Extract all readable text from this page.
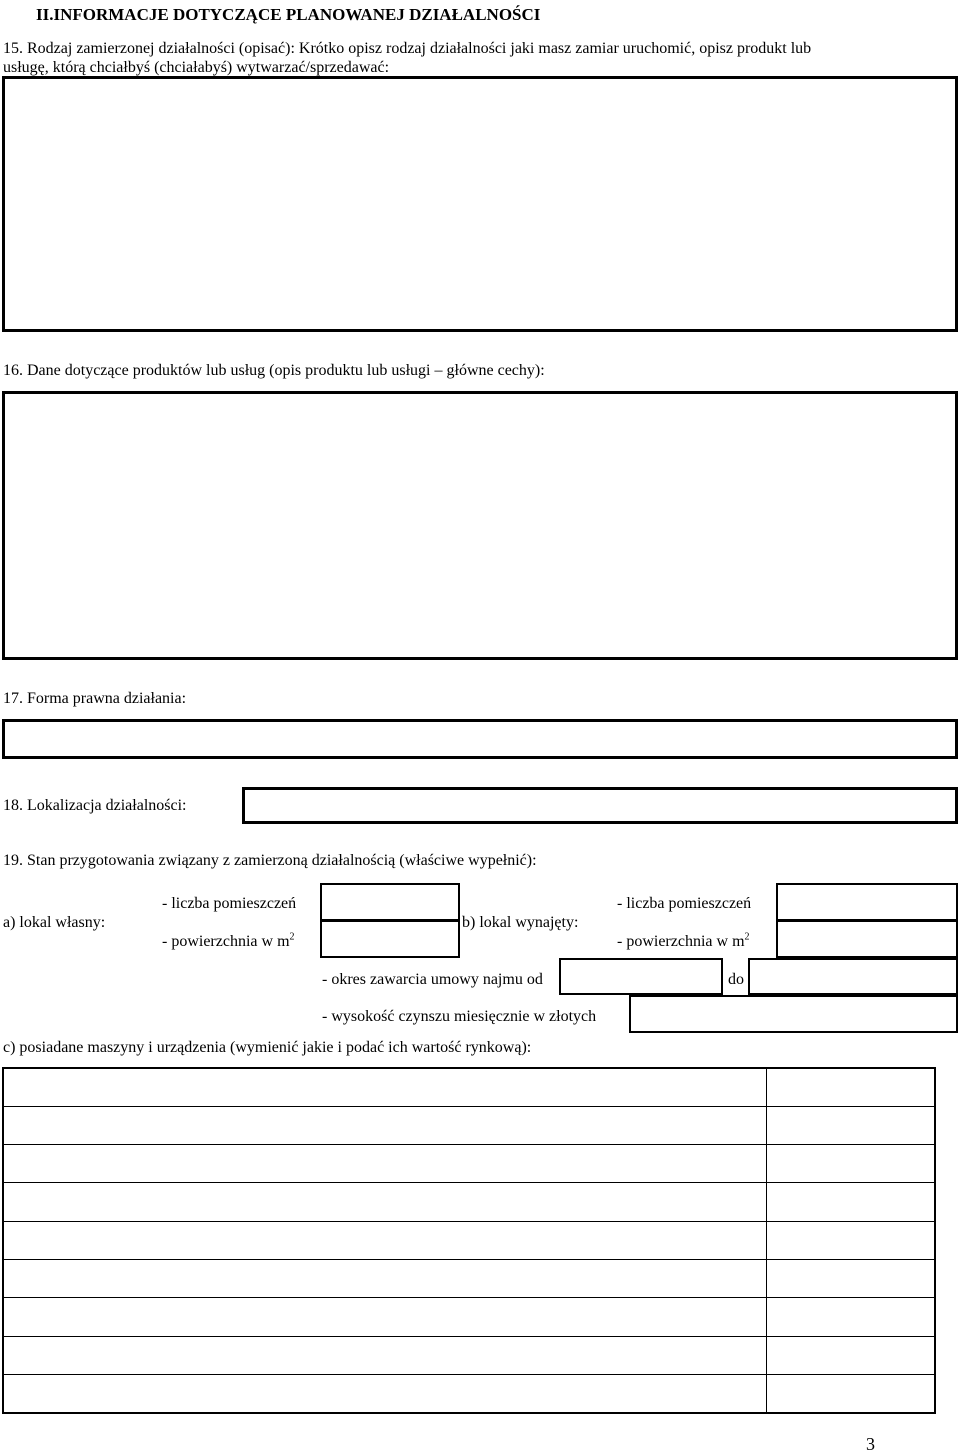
II.INFORMACJE DOTYCZĄCE PLANOWANEJ DZIAŁALNOŚCI
15. Rodzaj zamierzonej działalności (opisać): Krótko opisz rodzaj działalności jaki masz zamiar uruchomić, opisz produkt lub
usługę, którą chciałbyś (chciałabyś) wytwarzać/sprzedawać:
16. Dane dotyczące produktów lub usług (opis produktu lub usługi – główne cechy):
17. Forma prawna działania:
18. Lokalizacja działalności:
19. Stan przygotowania związany z zamierzoną działalnością (właściwe wypełnić):
a) lokal własny:
- liczba pomieszczeń
- powierzchnia w $m^2$
b) lokal wynajęty:
- liczba pomieszczeń
- powierzchnia w $m^2$
- okres zawarcia umowy najmu od	do
- wysokość czynszu miesięcznie w złotych
c) posiadane maszyny i urządzenia (wymienić jakie i podać ich wartość rynkową):

3
